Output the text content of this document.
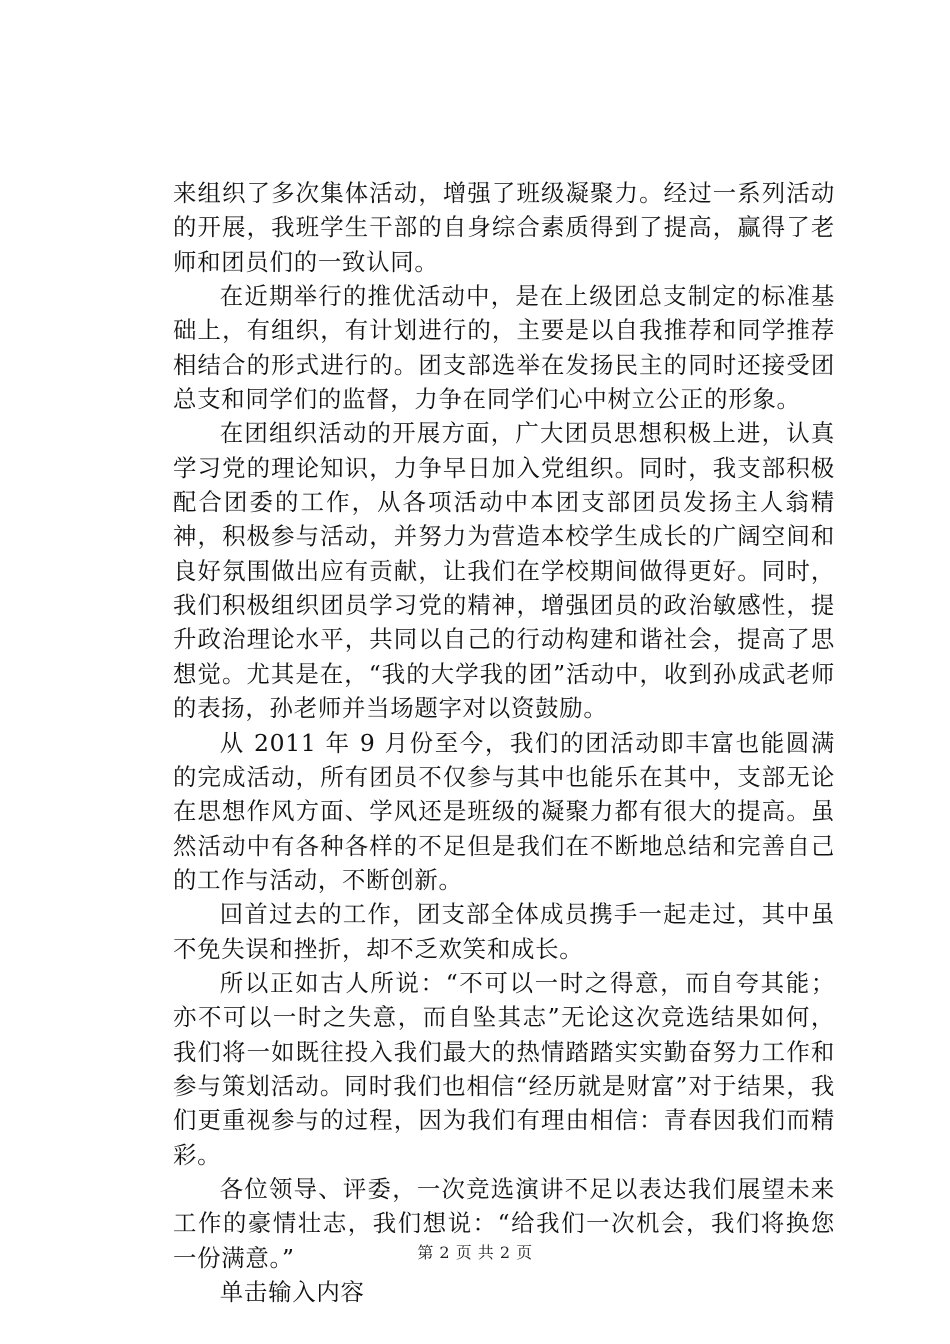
来组织了多次集体活动，增强了班级凝聚力。经过一系列活动的开展，我班学生干部的自身综合素质得到了提高，赢得了老师和团员们的一致认同。

在近期举行的推优活动中，是在上级团总支制定的标准基础上，有组织，有计划进行的，主要是以自我推荐和同学推荐相结合的形式进行的。团支部选举在发扬民主的同时还接受团总支和同学们的监督，力争在同学们心中树立公正的形象。

在团组织活动的开展方面，广大团员思想积极上进，认真学习党的理论知识，力争早日加入党组织。同时，我支部积极配合团委的工作，从各项活动中本团支部团员发扬主人翁精神，积极参与活动，并努力为营造本校学生成长的广阔空间和良好氛围做出应有贡献，让我们在学校期间做得更好。同时，我们积极组织团员学习党的精神，增强团员的政治敏感性，提升政治理论水平，共同以自己的行动构建和谐社会，提高了思想觉。尤其是在，“我的大学我的团”活动中，收到孙成武老师的表扬，孙老师并当场题字对以资鼓励。

从 2011 年 9 月份至今，我们的团活动即丰富也能圆满的完成活动，所有团员不仅参与其中也能乐在其中，支部无论在思想作风方面、学风还是班级的凝聚力都有很大的提高。虽然活动中有各种各样的不足但是我们在不断地总结和完善自己的工作与活动，不断创新。

回首过去的工作，团支部全体成员携手一起走过，其中虽不免失误和挫折，却不乏欢笑和成长。

所以正如古人所说：“不可以一时之得意，而自夸其能；亦不可以一时之失意，而自坠其志”无论这次竞选结果如何，我们将一如既往投入我们最大的热情踏踏实实勤奋努力工作和参与策划活动。同时我们也相信“经历就是财富”对于结果，我们更重视参与的过程，因为我们有理由相信：青春因我们而精彩。

各位领导、评委，一次竞选演讲不足以表达我们展望未来工作的豪情壮志，我们想说：“给我们一次机会，我们将换您一份满意。”

单击输入内容

第 2 页 共 2 页
